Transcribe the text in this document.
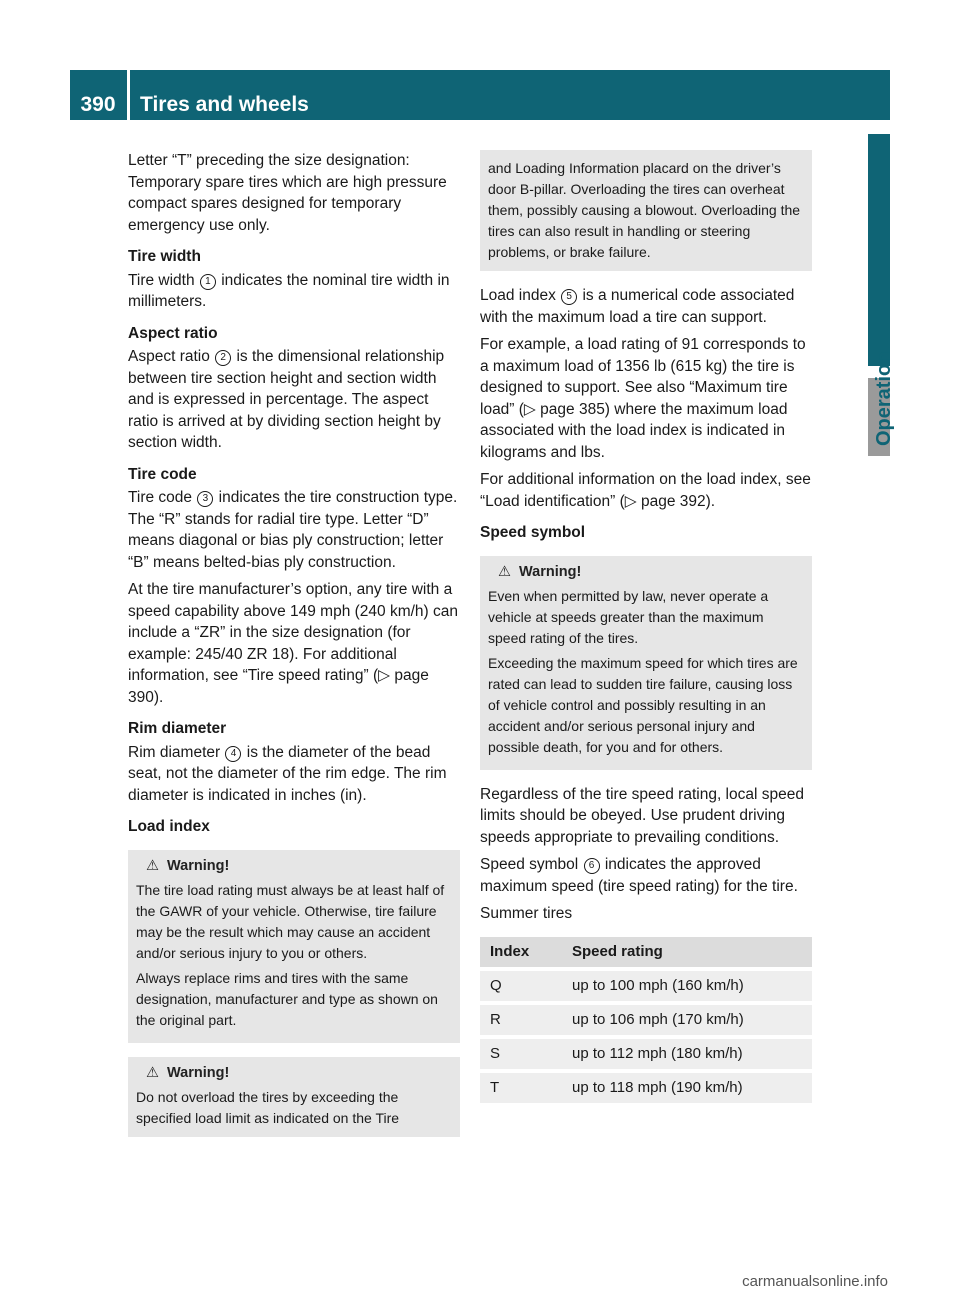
390	Tires and wheels
Operation

Letter “T” preceding the size designation: Temporary spare tires which are high pressure compact spares designed for temporary emergency use only.

Tire width

Tire width 1 indicates the nominal tire width in millimeters.

Aspect ratio

Aspect ratio 2 is the dimensional relationship between tire section height and section width and is expressed in percentage. The aspect ratio is arrived at by dividing section height by section width.

Tire code

Tire code 3 indicates the tire construction type. The “R” stands for radial tire type. Letter “D” means diagonal or bias ply construction; letter “B” means belted-bias ply construction.

At the tire manufacturer’s option, any tire with a speed capability above 149 mph (240 km/h) can include a “ZR” in the size designation (for example: 245/40 ZR 18). For additional information, see “Tire speed rating” (▷ page 390).

Rim diameter

Rim diameter 4 is the diameter of the bead seat, not the diameter of the rim edge. The rim diameter is indicated in inches (in).

Load index
⚠ Warning!

The tire load rating must always be at least half of the GAWR of your vehicle. Otherwise, tire failure may be the result which may cause an accident and/or serious injury to you or others.

Always replace rims and tires with the same designation, manufacturer and type as shown on the original part.

⚠ Warning!

Do not overload the tires by exceeding the specified load limit as indicated on the Tire

and Loading Information placard on the driver’s door B-pillar. Overloading the tires can overheat them, possibly causing a blowout. Overloading the tires can also result in handling or steering problems, or brake failure.

Load index 5 is a numerical code associated with the maximum load a tire can support.

For example, a load rating of 91 corresponds to a maximum load of 1356 lb (615 kg) the tire is designed to support. See also “Maximum tire load” (▷ page 385) where the maximum load associated with the load index is indicated in kilograms and lbs.

For additional information on the load index, see “Load identification” (▷ page 392).

Speed symbol
⚠ Warning!

Even when permitted by law, never operate a vehicle at speeds greater than the maximum speed rating of the tires.

Exceeding the maximum speed for which tires are rated can lead to sudden tire failure, causing loss of vehicle control and possibly resulting in an accident and/or serious personal injury and possible death, for you and for others.

Regardless of the tire speed rating, local speed limits should be obeyed. Use prudent driving speeds appropriate to prevailing conditions.

Speed symbol 6 indicates the approved maximum speed (tire speed rating) for the tire.

Summer tires

Index	Speed rating
Q	up to 100 mph (160 km/h)
R	up to 106 mph (170 km/h)
S	up to 112 mph (180 km/h)
T	up to 118 mph (190 km/h)
carmanualsonline.info
